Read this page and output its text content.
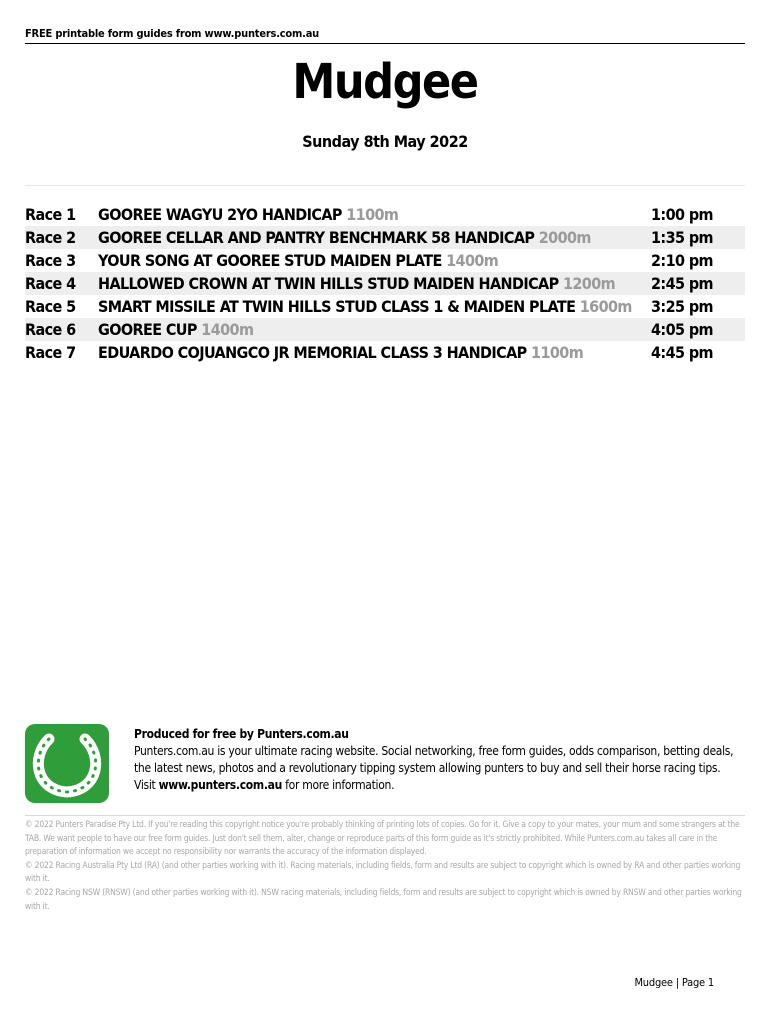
FREE printable form guides from www.punters.com.au
Mudgee
Sunday 8th May 2022
Race 1	GOOREE WAGYU 2YO HANDICAP 1100m	1:00 pm
Race 2	GOOREE CELLAR AND PANTRY BENCHMARK 58 HANDICAP 2000m	1:35 pm
Race 3	YOUR SONG AT GOOREE STUD MAIDEN PLATE 1400m	2:10 pm
Race 4	HALLOWED CROWN AT TWIN HILLS STUD MAIDEN HANDICAP 1200m	2:45 pm
Race 5	SMART MISSILE AT TWIN HILLS STUD CLASS 1 & MAIDEN PLATE 1600m	3:25 pm
Race 6	GOOREE CUP 1400m	4:05 pm
Race 7	EDUARDO COJUANGCO JR MEMORIAL CLASS 3 HANDICAP 1100m	4:45 pm
Produced for free by Punters.com.au
Punters.com.au is your ultimate racing website. Social networking, free form guides, odds comparison, betting deals, the latest news, photos and a revolutionary tipping system allowing punters to buy and sell their horse racing tips.
Visit www.punters.com.au for more information.

© 2022 Punters Paradise Pty Ltd. If you're reading this copyright notice you're probably thinking of printing lots of copies. Go for it. Give a copy to your mates, your mum and some strangers at the TAB. We want people to have our free form guides. Just don't sell them, alter, change or reproduce parts of this form guide as it's strictly prohibited. While Punters.com.au takes all care in the preparation of information we accept no responsibility nor warrants the accuracy of the information displayed.

© 2022 Racing Australia Pty Ltd (RA) (and other parties working with it). Racing materials, including fields, form and results are subject to copyright which is owned by RA and other parties working with it.

© 2022 Racing NSW (RNSW) (and other parties working with it). NSW racing materials, including fields, form and results are subject to copyright which is owned by RNSW and other parties working with it.

Mudgee | Page 1
